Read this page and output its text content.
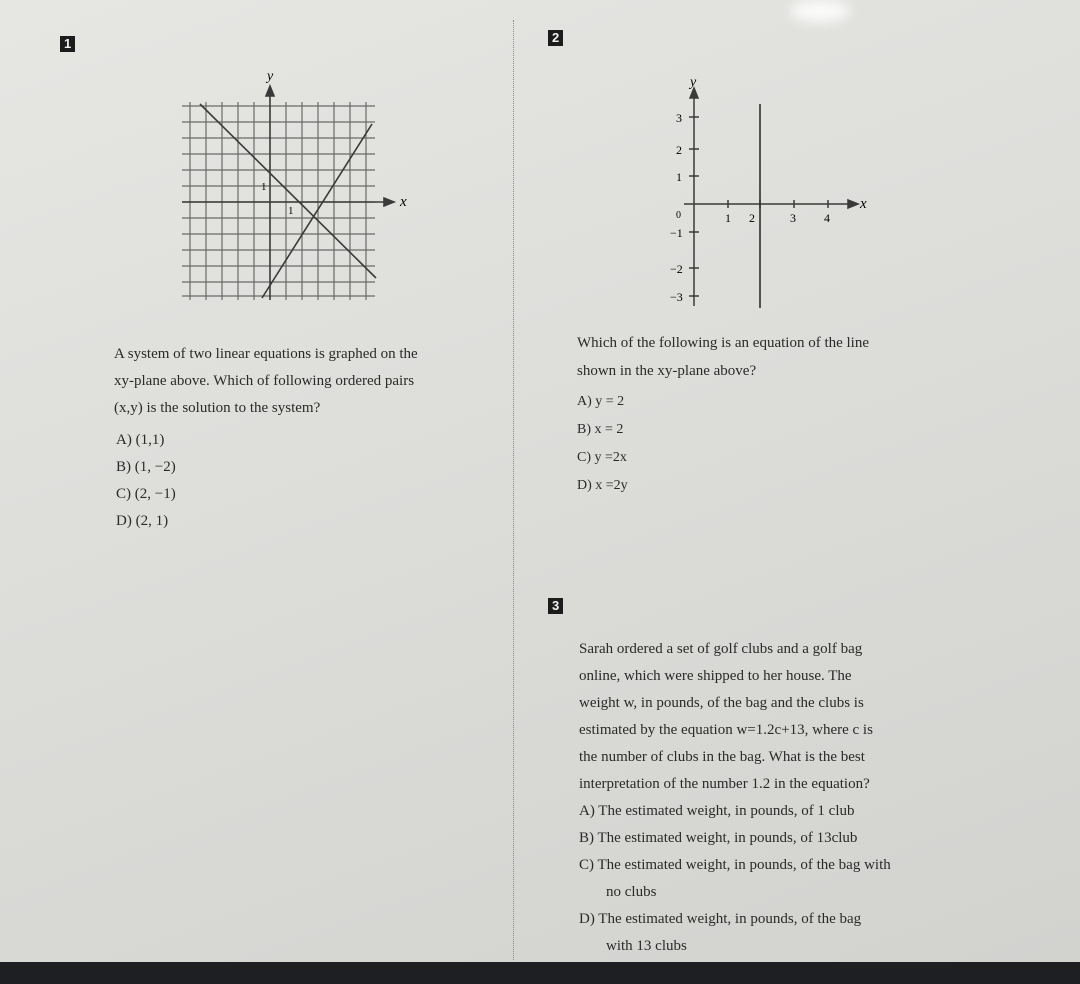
1
y
x
1
1
A system of two linear equations is graphed on the
xy-plane above. Which of following ordered pairs
(x,y) is the solution to the system?
A) (1,1)
B) (1, −2)
C) (2, −1)
D) (2, 1)
2
y
x
0	1 2	3 4
3
2
1
−1
−2
−3
Which of the following is an equation of the line
shown in the xy-plane above?
A) y = 2
B) x = 2
C) y =2x
D) x =2y
3
Sarah ordered a set of golf clubs and a golf bag
online, which were shipped to her house. The
weight w, in pounds, of the bag and the clubs is
estimated by the equation w=1.2c+13, where c is
the number of clubs in the bag. What is the best
interpretation of the number 1.2 in the equation?
A) The estimated weight, in pounds, of 1 club
B) The estimated weight, in pounds, of 13club
C) The estimated weight, in pounds, of the bag with
no clubs
D) The estimated weight, in pounds, of the bag
with 13 clubs
